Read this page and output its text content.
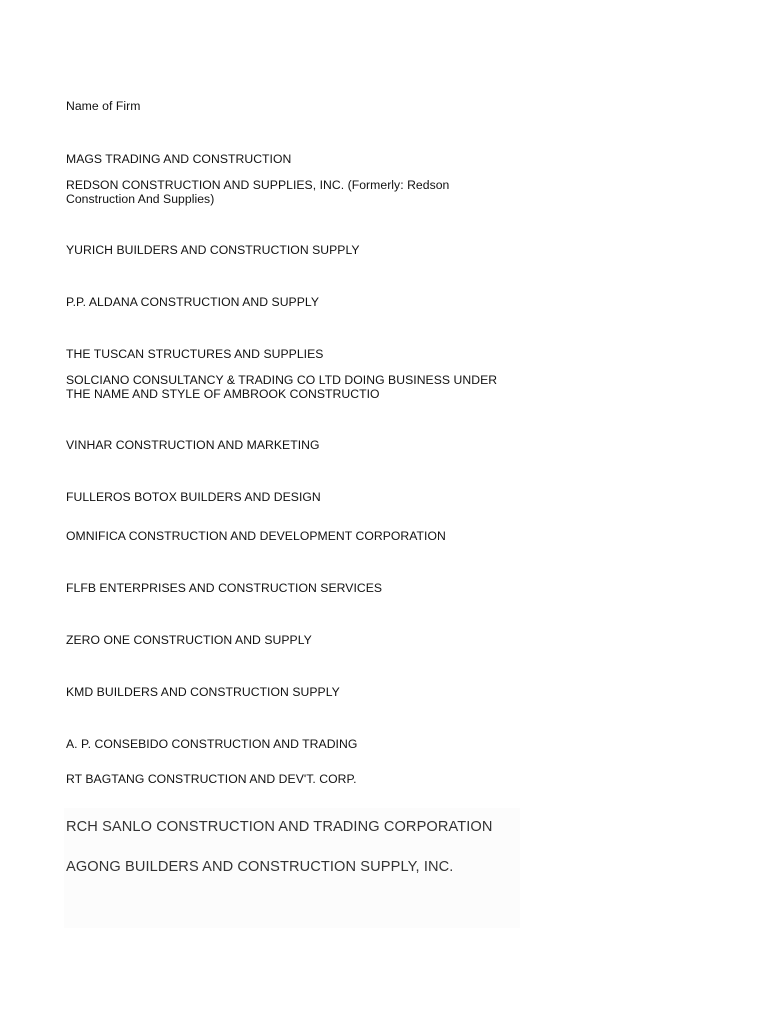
Name of Firm
MAGS TRADING AND CONSTRUCTION
REDSON CONSTRUCTION AND SUPPLIES, INC. (Formerly: Redson Construction And Supplies)
YURICH BUILDERS AND CONSTRUCTION SUPPLY
P.P. ALDANA CONSTRUCTION AND SUPPLY
THE TUSCAN STRUCTURES AND SUPPLIES
SOLCIANO CONSULTANCY & TRADING CO LTD DOING BUSINESS UNDER THE NAME AND STYLE OF AMBROOK CONSTRUCTIO
VINHAR CONSTRUCTION AND MARKETING
FULLEROS BOTOX BUILDERS AND DESIGN
OMNIFICA CONSTRUCTION AND DEVELOPMENT CORPORATION
FLFB ENTERPRISES AND CONSTRUCTION SERVICES
ZERO ONE CONSTRUCTION AND SUPPLY
KMD BUILDERS AND CONSTRUCTION SUPPLY
A. P. CONSEBIDO CONSTRUCTION AND TRADING
RT BAGTANG CONSTRUCTION AND DEV'T. CORP.
RCH SANLO CONSTRUCTION AND TRADING CORPORATION
AGONG BUILDERS AND CONSTRUCTION SUPPLY, INC.
